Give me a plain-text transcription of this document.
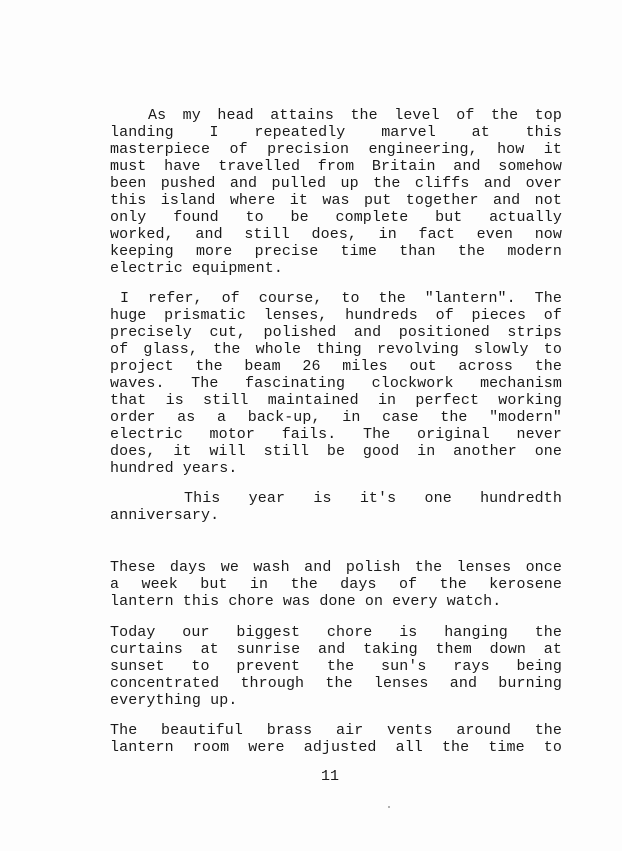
As my head attains the level of the top
landing I repeatedly marvel at this
masterpiece of precision engineering, how it
must have travelled from Britain and somehow
been pushed and pulled up the cliffs and over
this island where it was put together and not
only found to be complete but actually
worked, and still does, in fact even now
keeping more precise time than the modern
electric equipment.
I refer, of course, to the "lantern". The
huge prismatic lenses, hundreds of pieces of
precisely cut, polished and positioned strips
of glass, the whole thing revolving slowly to
project the beam 26 miles out across the
waves. The fascinating clockwork mechanism
that is still maintained in perfect working
order as a back-up, in case the "modern"
electric motor fails. The original never
does, it will still be good in another one
hundred years.
This year is it's one hundredth
anniversary.
These days we wash and polish the lenses once
a week but in the days of the kerosene
lantern this chore was done on every watch.
Today our biggest chore is hanging the
curtains at sunrise and taking them down at
sunset to prevent the sun's rays being
concentrated through the lenses and burning
everything up.
The beautiful brass air vents around the
lantern room were adjusted all the time to
11
